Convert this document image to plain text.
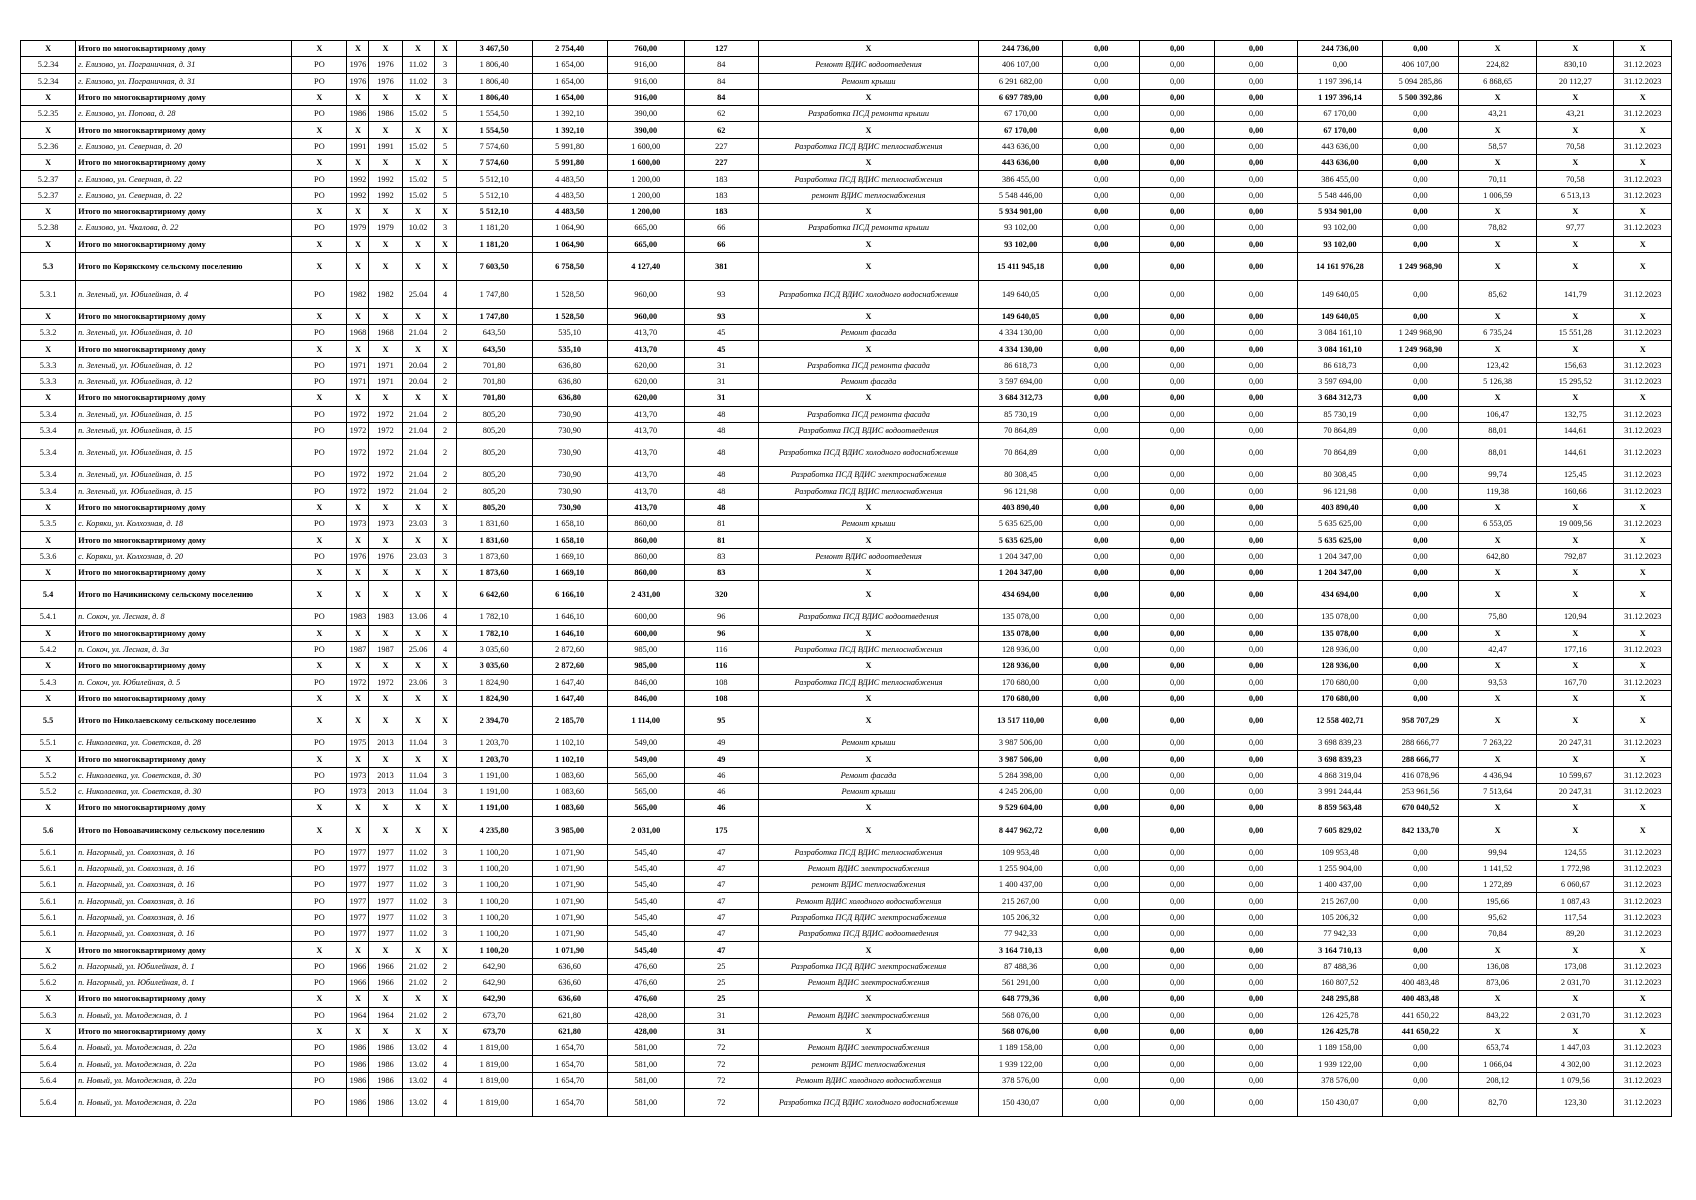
X	Итого по многоквартирному дому	X	X	X	X	X	3 467,50	2 754,40	760,00	127	X	244 736,00	0,00	0,00	0,00	244 736,00	0,00	X	X	X
5.2.34	г. Елизово, ул. Пограничная, д. 31	РО	1976	1976	11.02	3	1 806,40	1 654,00	916,00	84	Ремонт ВДИС водоотведения	406 107,00	0,00	0,00	0,00	0,00	406 107,00	224,82	830,10	31.12.2023
5.2.34	г. Елизово, ул. Пограничная, д. 31	РО	1976	1976	11.02	3	1 806,40	1 654,00	916,00	84	Ремонт крыши	6 291 682,00	0,00	0,00	0,00	1 197 396,14	5 094 285,86	6 868,65	20 112,27	31.12.2023
X	Итого по многоквартирному дому	X	X	X	X	X	1 806,40	1 654,00	916,00	84	X	6 697 789,00	0,00	0,00	0,00	1 197 396,14	5 500 392,86	X	X	X
5.2.35	г. Елизово, ул. Попова, д. 28	РО	1986	1986	15.02	5	1 554,50	1 392,10	390,00	62	Разработка ПСД ремонта крыши	67 170,00	0,00	0,00	0,00	67 170,00	0,00	43,21	43,21	31.12.2023
X	Итого по многоквартирному дому	X	X	X	X	X	1 554,50	1 392,10	390,00	62	X	67 170,00	0,00	0,00	0,00	67 170,00	0,00	X	X	X
5.2.36	г. Елизово, ул. Северная, д. 20	РО	1991	1991	15.02	5	7 574,60	5 991,80	1 600,00	227	Разработка ПСД ВДИС теплоснабжения	443 636,00	0,00	0,00	0,00	443 636,00	0,00	58,57	70,58	31.12.2023
X	Итого по многоквартирному дому	X	X	X	X	X	7 574,60	5 991,80	1 600,00	227	X	443 636,00	0,00	0,00	0,00	443 636,00	0,00	X	X	X
5.2.37	г. Елизово, ул. Северная, д. 22	РО	1992	1992	15.02	5	5 512,10	4 483,50	1 200,00	183	Разработка ПСД ВДИС теплоснабжения	386 455,00	0,00	0,00	0,00	386 455,00	0,00	70,11	70,58	31.12.2023
5.2.37	г. Елизово, ул. Северная, д. 22	РО	1992	1992	15.02	5	5 512,10	4 483,50	1 200,00	183	ремонт ВДИС теплоснабжения	5 548 446,00	0,00	0,00	0,00	5 548 446,00	0,00	1 006,59	6 513,13	31.12.2023
X	Итого по многоквартирному дому	X	X	X	X	X	5 512,10	4 483,50	1 200,00	183	X	5 934 901,00	0,00	0,00	0,00	5 934 901,00	0,00	X	X	X
5.2.38	г. Елизово, ул. Чкалова, д. 22	РО	1979	1979	10.02	3	1 181,20	1 064,90	665,00	66	Разработка ПСД ремонта крыши	93 102,00	0,00	0,00	0,00	93 102,00	0,00	78,82	97,77	31.12.2023
X	Итого по многоквартирному дому	X	X	X	X	X	1 181,20	1 064,90	665,00	66	X	93 102,00	0,00	0,00	0,00	93 102,00	0,00	X	X	X
5.3	Итого по Корякскому сельскому поселению	X	X	X	X	X	7 603,50	6 758,50	4 127,40	381	X	15 411 945,18	0,00	0,00	0,00	14 161 976,28	1 249 968,90	X	X	X
5.3.1	п. Зеленый, ул. Юбилейная, д. 4	РО	1982	1982	25.04	4	1 747,80	1 528,50	960,00	93	Разработка ПСД ВДИС холодного водоснабжения	149 640,05	0,00	0,00	0,00	149 640,05	0,00	85,62	141,79	31.12.2023
X	Итого по многоквартирному дому	X	X	X	X	X	1 747,80	1 528,50	960,00	93	X	149 640,05	0,00	0,00	0,00	149 640,05	0,00	X	X	X
5.3.2	п. Зеленый, ул. Юбилейная, д. 10	РО	1968	1968	21.04	2	643,50	535,10	413,70	45	Ремонт фасада	4 334 130,00	0,00	0,00	0,00	3 084 161,10	1 249 968,90	6 735,24	15 551,28	31.12.2023
X	Итого по многоквартирному дому	X	X	X	X	X	643,50	535,10	413,70	45	X	4 334 130,00	0,00	0,00	0,00	3 084 161,10	1 249 968,90	X	X	X
5.3.3	п. Зеленый, ул. Юбилейная, д. 12	РО	1971	1971	20.04	2	701,80	636,80	620,00	31	Разработка ПСД ремонта фасада	86 618,73	0,00	0,00	0,00	86 618,73	0,00	123,42	156,63	31.12.2023
5.3.3	п. Зеленый, ул. Юбилейная, д. 12	РО	1971	1971	20.04	2	701,80	636,80	620,00	31	Ремонт фасада	3 597 694,00	0,00	0,00	0,00	3 597 694,00	0,00	5 126,38	15 295,52	31.12.2023
X	Итого по многоквартирному дому	X	X	X	X	X	701,80	636,80	620,00	31	X	3 684 312,73	0,00	0,00	0,00	3 684 312,73	0,00	X	X	X
5.3.4	п. Зеленый, ул. Юбилейная, д. 15	РО	1972	1972	21.04	2	805,20	730,90	413,70	48	Разработка ПСД ремонта фасада	85 730,19	0,00	0,00	0,00	85 730,19	0,00	106,47	132,75	31.12.2023
5.3.4	п. Зеленый, ул. Юбилейная, д. 15	РО	1972	1972	21.04	2	805,20	730,90	413,70	48	Разработка ПСД ВДИС водоотведения	70 864,89	0,00	0,00	0,00	70 864,89	0,00	88,01	144,61	31.12.2023
5.3.4	п. Зеленый, ул. Юбилейная, д. 15	РО	1972	1972	21.04	2	805,20	730,90	413,70	48	Разработка ПСД ВДИС холодного водоснабжения	70 864,89	0,00	0,00	0,00	70 864,89	0,00	88,01	144,61	31.12.2023
5.3.4	п. Зеленый, ул. Юбилейная, д. 15	РО	1972	1972	21.04	2	805,20	730,90	413,70	48	Разработка ПСД ВДИС электроснабжения	80 308,45	0,00	0,00	0,00	80 308,45	0,00	99,74	125,45	31.12.2023
5.3.4	п. Зеленый, ул. Юбилейная, д. 15	РО	1972	1972	21.04	2	805,20	730,90	413,70	48	Разработка ПСД ВДИС теплоснабжения	96 121,98	0,00	0,00	0,00	96 121,98	0,00	119,38	160,66	31.12.2023
X	Итого по многоквартирному дому	X	X	X	X	X	805,20	730,90	413,70	48	X	403 890,40	0,00	0,00	0,00	403 890,40	0,00	X	X	X
5.3.5	с. Коряки, ул. Колхозная, д. 18	РО	1973	1973	23.03	3	1 831,60	1 658,10	860,00	81	Ремонт крыши	5 635 625,00	0,00	0,00	0,00	5 635 625,00	0,00	6 553,05	19 009,56	31.12.2023
X	Итого по многоквартирному дому	X	X	X	X	X	1 831,60	1 658,10	860,00	81	X	5 635 625,00	0,00	0,00	0,00	5 635 625,00	0,00	X	X	X
5.3.6	с. Коряки, ул. Колхозная, д. 20	РО	1976	1976	23.03	3	1 873,60	1 669,10	860,00	83	Ремонт ВДИС водоотведения	1 204 347,00	0,00	0,00	0,00	1 204 347,00	0,00	642,80	792,87	31.12.2023
X	Итого по многоквартирному дому	X	X	X	X	X	1 873,60	1 669,10	860,00	83	X	1 204 347,00	0,00	0,00	0,00	1 204 347,00	0,00	X	X	X
5.4	Итого по Начикинскому сельскому поселению	X	X	X	X	X	6 642,60	6 166,10	2 431,00	320	X	434 694,00	0,00	0,00	0,00	434 694,00	0,00	X	X	X
5.4.1	п. Сокоч, ул. Лесная, д. 8	РО	1983	1983	13.06	4	1 782,10	1 646,10	600,00	96	Разработка ПСД ВДИС водоотведения	135 078,00	0,00	0,00	0,00	135 078,00	0,00	75,80	120,94	31.12.2023
X	Итого по многоквартирному дому	X	X	X	X	X	1 782,10	1 646,10	600,00	96	X	135 078,00	0,00	0,00	0,00	135 078,00	0,00	X	X	X
5.4.2	п. Сокоч, ул. Лесная, д. 3а	РО	1987	1987	25.06	4	3 035,60	2 872,60	985,00	116	Разработка ПСД ВДИС теплоснабжения	128 936,00	0,00	0,00	0,00	128 936,00	0,00	42,47	177,16	31.12.2023
X	Итого по многоквартирному дому	X	X	X	X	X	3 035,60	2 872,60	985,00	116	X	128 936,00	0,00	0,00	0,00	128 936,00	0,00	X	X	X
5.4.3	п. Сокоч, ул. Юбилейная, д. 5	РО	1972	1972	23.06	3	1 824,90	1 647,40	846,00	108	Разработка ПСД ВДИС теплоснабжения	170 680,00	0,00	0,00	0,00	170 680,00	0,00	93,53	167,70	31.12.2023
X	Итого по многоквартирному дому	X	X	X	X	X	1 824,90	1 647,40	846,00	108	X	170 680,00	0,00	0,00	0,00	170 680,00	0,00	X	X	X
5.5	Итого по Николаевскому сельскому поселению	X	X	X	X	X	2 394,70	2 185,70	1 114,00	95	X	13 517 110,00	0,00	0,00	0,00	12 558 402,71	958 707,29	X	X	X
5.5.1	с. Николаевка, ул. Советская, д. 28	РО	1975	2013	11.04	3	1 203,70	1 102,10	549,00	49	Ремонт крыши	3 987 506,00	0,00	0,00	0,00	3 698 839,23	288 666,77	7 263,22	20 247,31	31.12.2023
X	Итого по многоквартирному дому	X	X	X	X	X	1 203,70	1 102,10	549,00	49	X	3 987 506,00	0,00	0,00	0,00	3 698 839,23	288 666,77	X	X	X
5.5.2	с. Николаевка, ул. Советская, д. 30	РО	1973	2013	11.04	3	1 191,00	1 083,60	565,00	46	Ремонт фасада	5 284 398,00	0,00	0,00	0,00	4 868 319,04	416 078,96	4 436,94	10 599,67	31.12.2023
5.5.2	с. Николаевка, ул. Советская, д. 30	РО	1973	2013	11.04	3	1 191,00	1 083,60	565,00	46	Ремонт крыши	4 245 206,00	0,00	0,00	0,00	3 991 244,44	253 961,56	7 513,64	20 247,31	31.12.2023
X	Итого по многоквартирному дому	X	X	X	X	X	1 191,00	1 083,60	565,00	46	X	9 529 604,00	0,00	0,00	0,00	8 859 563,48	670 040,52	X	X	X
5.6	Итого по Новоавачинскому сельскому поселению	X	X	X	X	X	4 235,80	3 985,00	2 031,00	175	X	8 447 962,72	0,00	0,00	0,00	7 605 829,02	842 133,70	X	X	X
5.6.1	п. Нагорный, ул. Совхозная, д. 16	РО	1977	1977	11.02	3	1 100,20	1 071,90	545,40	47	Разработка ПСД ВДИС теплоснабжения	109 953,48	0,00	0,00	0,00	109 953,48	0,00	99,94	124,55	31.12.2023
5.6.1	п. Нагорный, ул. Совхозная, д. 16	РО	1977	1977	11.02	3	1 100,20	1 071,90	545,40	47	Ремонт ВДИС электроснабжения	1 255 904,00	0,00	0,00	0,00	1 255 904,00	0,00	1 141,52	1 772,98	31.12.2023
5.6.1	п. Нагорный, ул. Совхозная, д. 16	РО	1977	1977	11.02	3	1 100,20	1 071,90	545,40	47	ремонт ВДИС теплоснабжения	1 400 437,00	0,00	0,00	0,00	1 400 437,00	0,00	1 272,89	6 060,67	31.12.2023
5.6.1	п. Нагорный, ул. Совхозная, д. 16	РО	1977	1977	11.02	3	1 100,20	1 071,90	545,40	47	Ремонт ВДИС холодного водоснабжения	215 267,00	0,00	0,00	0,00	215 267,00	0,00	195,66	1 087,43	31.12.2023
5.6.1	п. Нагорный, ул. Совхозная, д. 16	РО	1977	1977	11.02	3	1 100,20	1 071,90	545,40	47	Разработка ПСД ВДИС электроснабжения	105 206,32	0,00	0,00	0,00	105 206,32	0,00	95,62	117,54	31.12.2023
5.6.1	п. Нагорный, ул. Совхозная, д. 16	РО	1977	1977	11.02	3	1 100,20	1 071,90	545,40	47	Разработка ПСД ВДИС водоотведения	77 942,33	0,00	0,00	0,00	77 942,33	0,00	70,84	89,20	31.12.2023
X	Итого по многоквартирному дому	X	X	X	X	X	1 100,20	1 071,90	545,40	47	X	3 164 710,13	0,00	0,00	0,00	3 164 710,13	0,00	X	X	X
5.6.2	п. Нагорный, ул. Юбилейная, д. 1	РО	1966	1966	21.02	2	642,90	636,60	476,60	25	Разработка ПСД ВДИС электроснабжения	87 488,36	0,00	0,00	0,00	87 488,36	0,00	136,08	173,08	31.12.2023
5.6.2	п. Нагорный, ул. Юбилейная, д. 1	РО	1966	1966	21.02	2	642,90	636,60	476,60	25	Ремонт ВДИС электроснабжения	561 291,00	0,00	0,00	0,00	160 807,52	400 483,48	873,06	2 031,70	31.12.2023
X	Итого по многоквартирному дому	X	X	X	X	X	642,90	636,60	476,60	25	X	648 779,36	0,00	0,00	0,00	248 295,88	400 483,48	X	X	X
5.6.3	п. Новый, ул. Молодежная, д. 1	РО	1964	1964	21.02	2	673,70	621,80	428,00	31	Ремонт ВДИС электроснабжения	568 076,00	0,00	0,00	0,00	126 425,78	441 650,22	843,22	2 031,70	31.12.2023
X	Итого по многоквартирному дому	X	X	X	X	X	673,70	621,80	428,00	31	X	568 076,00	0,00	0,00	0,00	126 425,78	441 650,22	X	X	X
5.6.4	п. Новый, ул. Молодежная, д. 22а	РО	1986	1986	13.02	4	1 819,00	1 654,70	581,00	72	Ремонт ВДИС электроснабжения	1 189 158,00	0,00	0,00	0,00	1 189 158,00	0,00	653,74	1 447,03	31.12.2023
5.6.4	п. Новый, ул. Молодежная, д. 22а	РО	1986	1986	13.02	4	1 819,00	1 654,70	581,00	72	ремонт ВДИС теплоснабжения	1 939 122,00	0,00	0,00	0,00	1 939 122,00	0,00	1 066,04	4 302,00	31.12.2023
5.6.4	п. Новый, ул. Молодежная, д. 22а	РО	1986	1986	13.02	4	1 819,00	1 654,70	581,00	72	Ремонт ВДИС холодного водоснабжения	378 576,00	0,00	0,00	0,00	378 576,00	0,00	208,12	1 079,56	31.12.2023
5.6.4	п. Новый, ул. Молодежная, д. 22а	РО	1986	1986	13.02	4	1 819,00	1 654,70	581,00	72	Разработка ПСД ВДИС холодного водоснабжения	150 430,07	0,00	0,00	0,00	150 430,07	0,00	82,70	123,30	31.12.2023
